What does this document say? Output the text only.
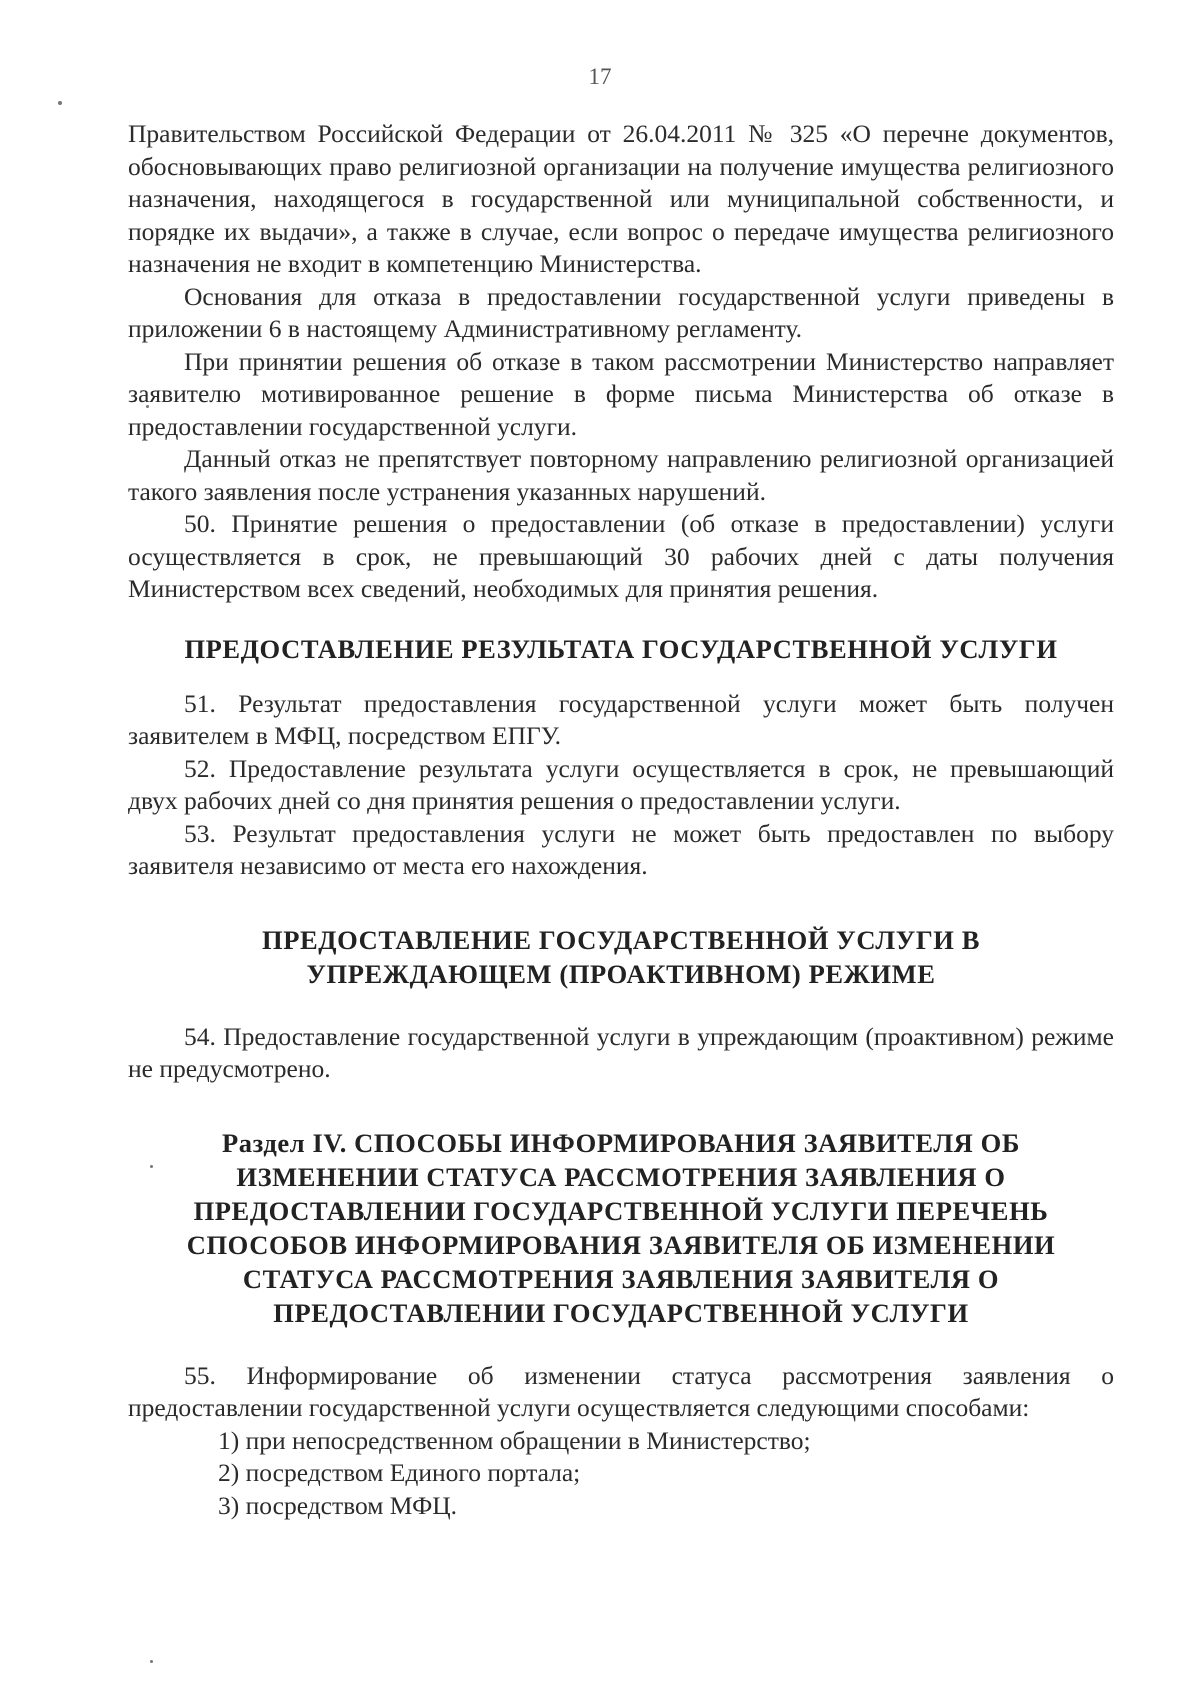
17

Правительством Российской Федерации от 26.04.2011 № 325 «О перечне документов, обосновывающих право религиозной организации на получение имущества религиозного назначения, находящегося в государственной или муниципальной собственности, и порядке их выдачи», а также в случае, если вопрос о передаче имущества религиозного назначения не входит в компетенцию Министерства.

Основания для отказа в предоставлении государственной услуги приведены в приложении 6 в настоящему Административному регламенту.

При принятии решения об отказе в таком рассмотрении Министерство направляет заявителю мотивированное решение в форме письма Министерства об отказе в предоставлении государственной услуги.

Данный отказ не препятствует повторному направлению религиозной организацией такого заявления после устранения указанных нарушений.

50. Принятие решения о предоставлении (об отказе в предоставлении) услуги осуществляется в срок, не превышающий 30 рабочих дней с даты получения Министерством всех сведений, необходимых для принятия решения.

ПРЕДОСТАВЛЕНИЕ РЕЗУЛЬТАТА ГОСУДАРСТВЕННОЙ УСЛУГИ

51. Результат предоставления государственной услуги может быть получен заявителем в МФЦ, посредством ЕПГУ.

52. Предоставление результата услуги осуществляется в срок, не превышающий двух рабочих дней со дня принятия решения о предоставлении услуги.

53. Результат предоставления услуги не может быть предоставлен по выбору заявителя независимо от места его нахождения.

ПРЕДОСТАВЛЕНИЕ ГОСУДАРСТВЕННОЙ УСЛУГИ В УПРЕЖДАЮЩЕМ (ПРОАКТИВНОМ) РЕЖИМЕ

54. Предоставление государственной услуги в упреждающим (проактивном) режиме не предусмотрено.

Раздел IV. СПОСОБЫ ИНФОРМИРОВАНИЯ ЗАЯВИТЕЛЯ ОБ ИЗМЕНЕНИИ СТАТУСА РАССМОТРЕНИЯ ЗАЯВЛЕНИЯ О ПРЕДОСТАВЛЕНИИ ГОСУДАРСТВЕННОЙ УСЛУГИ ПЕРЕЧЕНЬ СПОСОБОВ ИНФОРМИРОВАНИЯ ЗАЯВИТЕЛЯ ОБ ИЗМЕНЕНИИ СТАТУСА РАССМОТРЕНИЯ ЗАЯВЛЕНИЯ ЗАЯВИТЕЛЯ О ПРЕДОСТАВЛЕНИИ ГОСУДАРСТВЕННОЙ УСЛУГИ

55. Информирование об изменении статуса рассмотрения заявления о предоставлении государственной услуги осуществляется следующими способами:

1) при непосредственном обращении в Министерство;

2) посредством Единого портала;

3) посредством МФЦ.
